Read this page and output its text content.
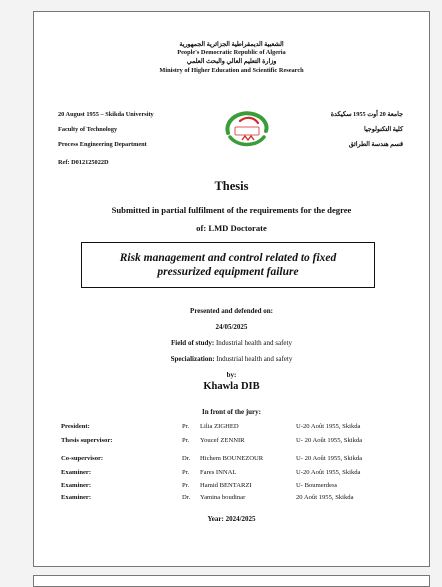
الشعبية الديمقراطية الجزائرية الجمهورية
People's Democratic Republic of Algeria
وزارة التعليم العالي والبحث العلمي
Ministry of Higher Education and Scientific Research
20 August 1955 – Skikda University
Faculty of Technology
Process Engineering Department
Ref: D012125022D
جامعة 20 أوت 1955 سكيكدة
كلية التكنولوجيا
قسم هندسة الطرائق
Thesis
Submitted in partial fulfilment of the requirements for the degree
of: LMD Doctorate
Risk management and control related to fixed pressurized equipment failure
Presented and defended on:
24/05/2025
Field of study: Industrial health and safety
Specialization: Industrial health and safety
by:
Khawla DIB
In front of the jury:
President:	Pr. Lilia ZIGHED	U-20 Août 1955, Skikda
Thesis supervisor:	Pr. Youcef ZENNIR	U- 20 Août 1955, Skikda
Co-supervisor:	Dr. Hichem BOUNEZOUR	U- 20 Août 1955, Skikda
Examiner:	Pr. Fares INNAL	U-20 Août 1955, Skikda
Examiner:	Pr. Hamid BENTARZI	U- Boumerdess
Examiner:	Dr. Yamina boudinar	20 Août 1955, Skikda
Year: 2024/2025
